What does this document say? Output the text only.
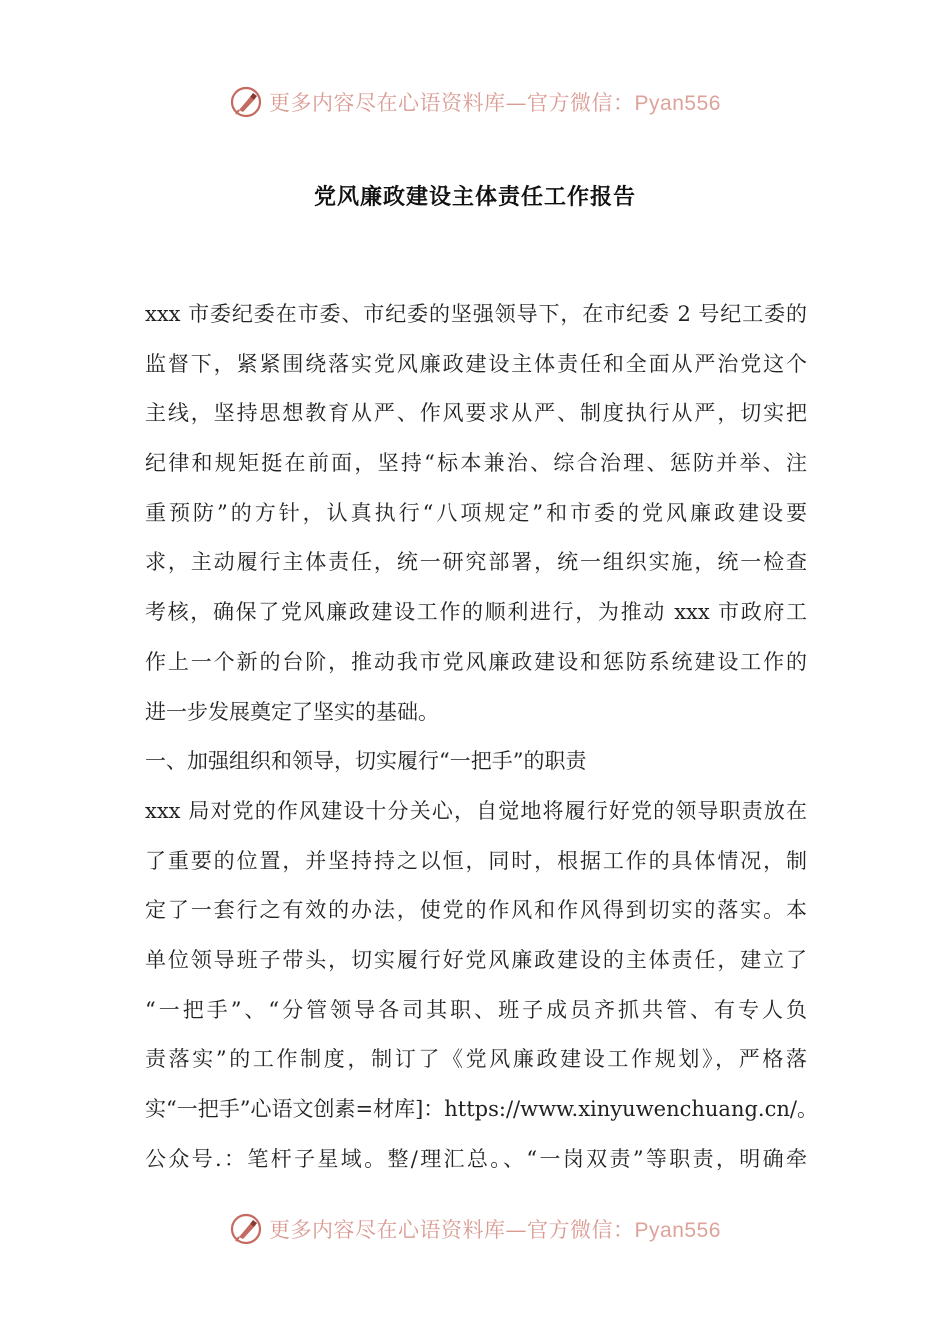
更多内容尽在心语资料库—官方微信：Pyan556
党风廉政建设主体责任工作报告
xxx 市委纪委在市委、市纪委的坚强领导下，在市纪委 2 号纪工委的
监督下，紧紧围绕落实党风廉政建设主体责任和全面从严治党这个
主线，坚持思想教育从严、作风要求从严、制度执行从严，切实把
纪律和规矩挺在前面，坚持“标本兼治、综合治理、惩防并举、注
重预防”的方针，认真执行“八项规定”和市委的党风廉政建设要
求，主动履行主体责任，统一研究部署，统一组织实施，统一检查
考核，确保了党风廉政建设工作的顺利进行，为推动 xxx 市政府工
作上一个新的台阶，推动我市党风廉政建设和惩防系统建设工作的
进一步发展奠定了坚实的基础。
一、加强组织和领导，切实履行“一把手”的职责
xxx 局对党的作风建设十分关心，自觉地将履行好党的领导职责放在
了重要的位置，并坚持持之以恒，同时，根据工作的具体情况，制
定了一套行之有效的办法，使党的作风和作风得到切实的落实。本
单位领导班子带头，切实履行好党风廉政建设的主体责任，建立了
“一把手”、“分管领导各司其职、班子成员齐抓共管、有专人负
责落实”的工作制度，制订了《党风廉政建设工作规划》，严格落
实“一把手”心语文创素=材库]：https://www.xinyuwenchuang.cn/。
公众号.：笔杆子星域。整/理汇总。、“一岗双责”等职责，明确牵
更多内容尽在心语资料库—官方微信：Pyan556
